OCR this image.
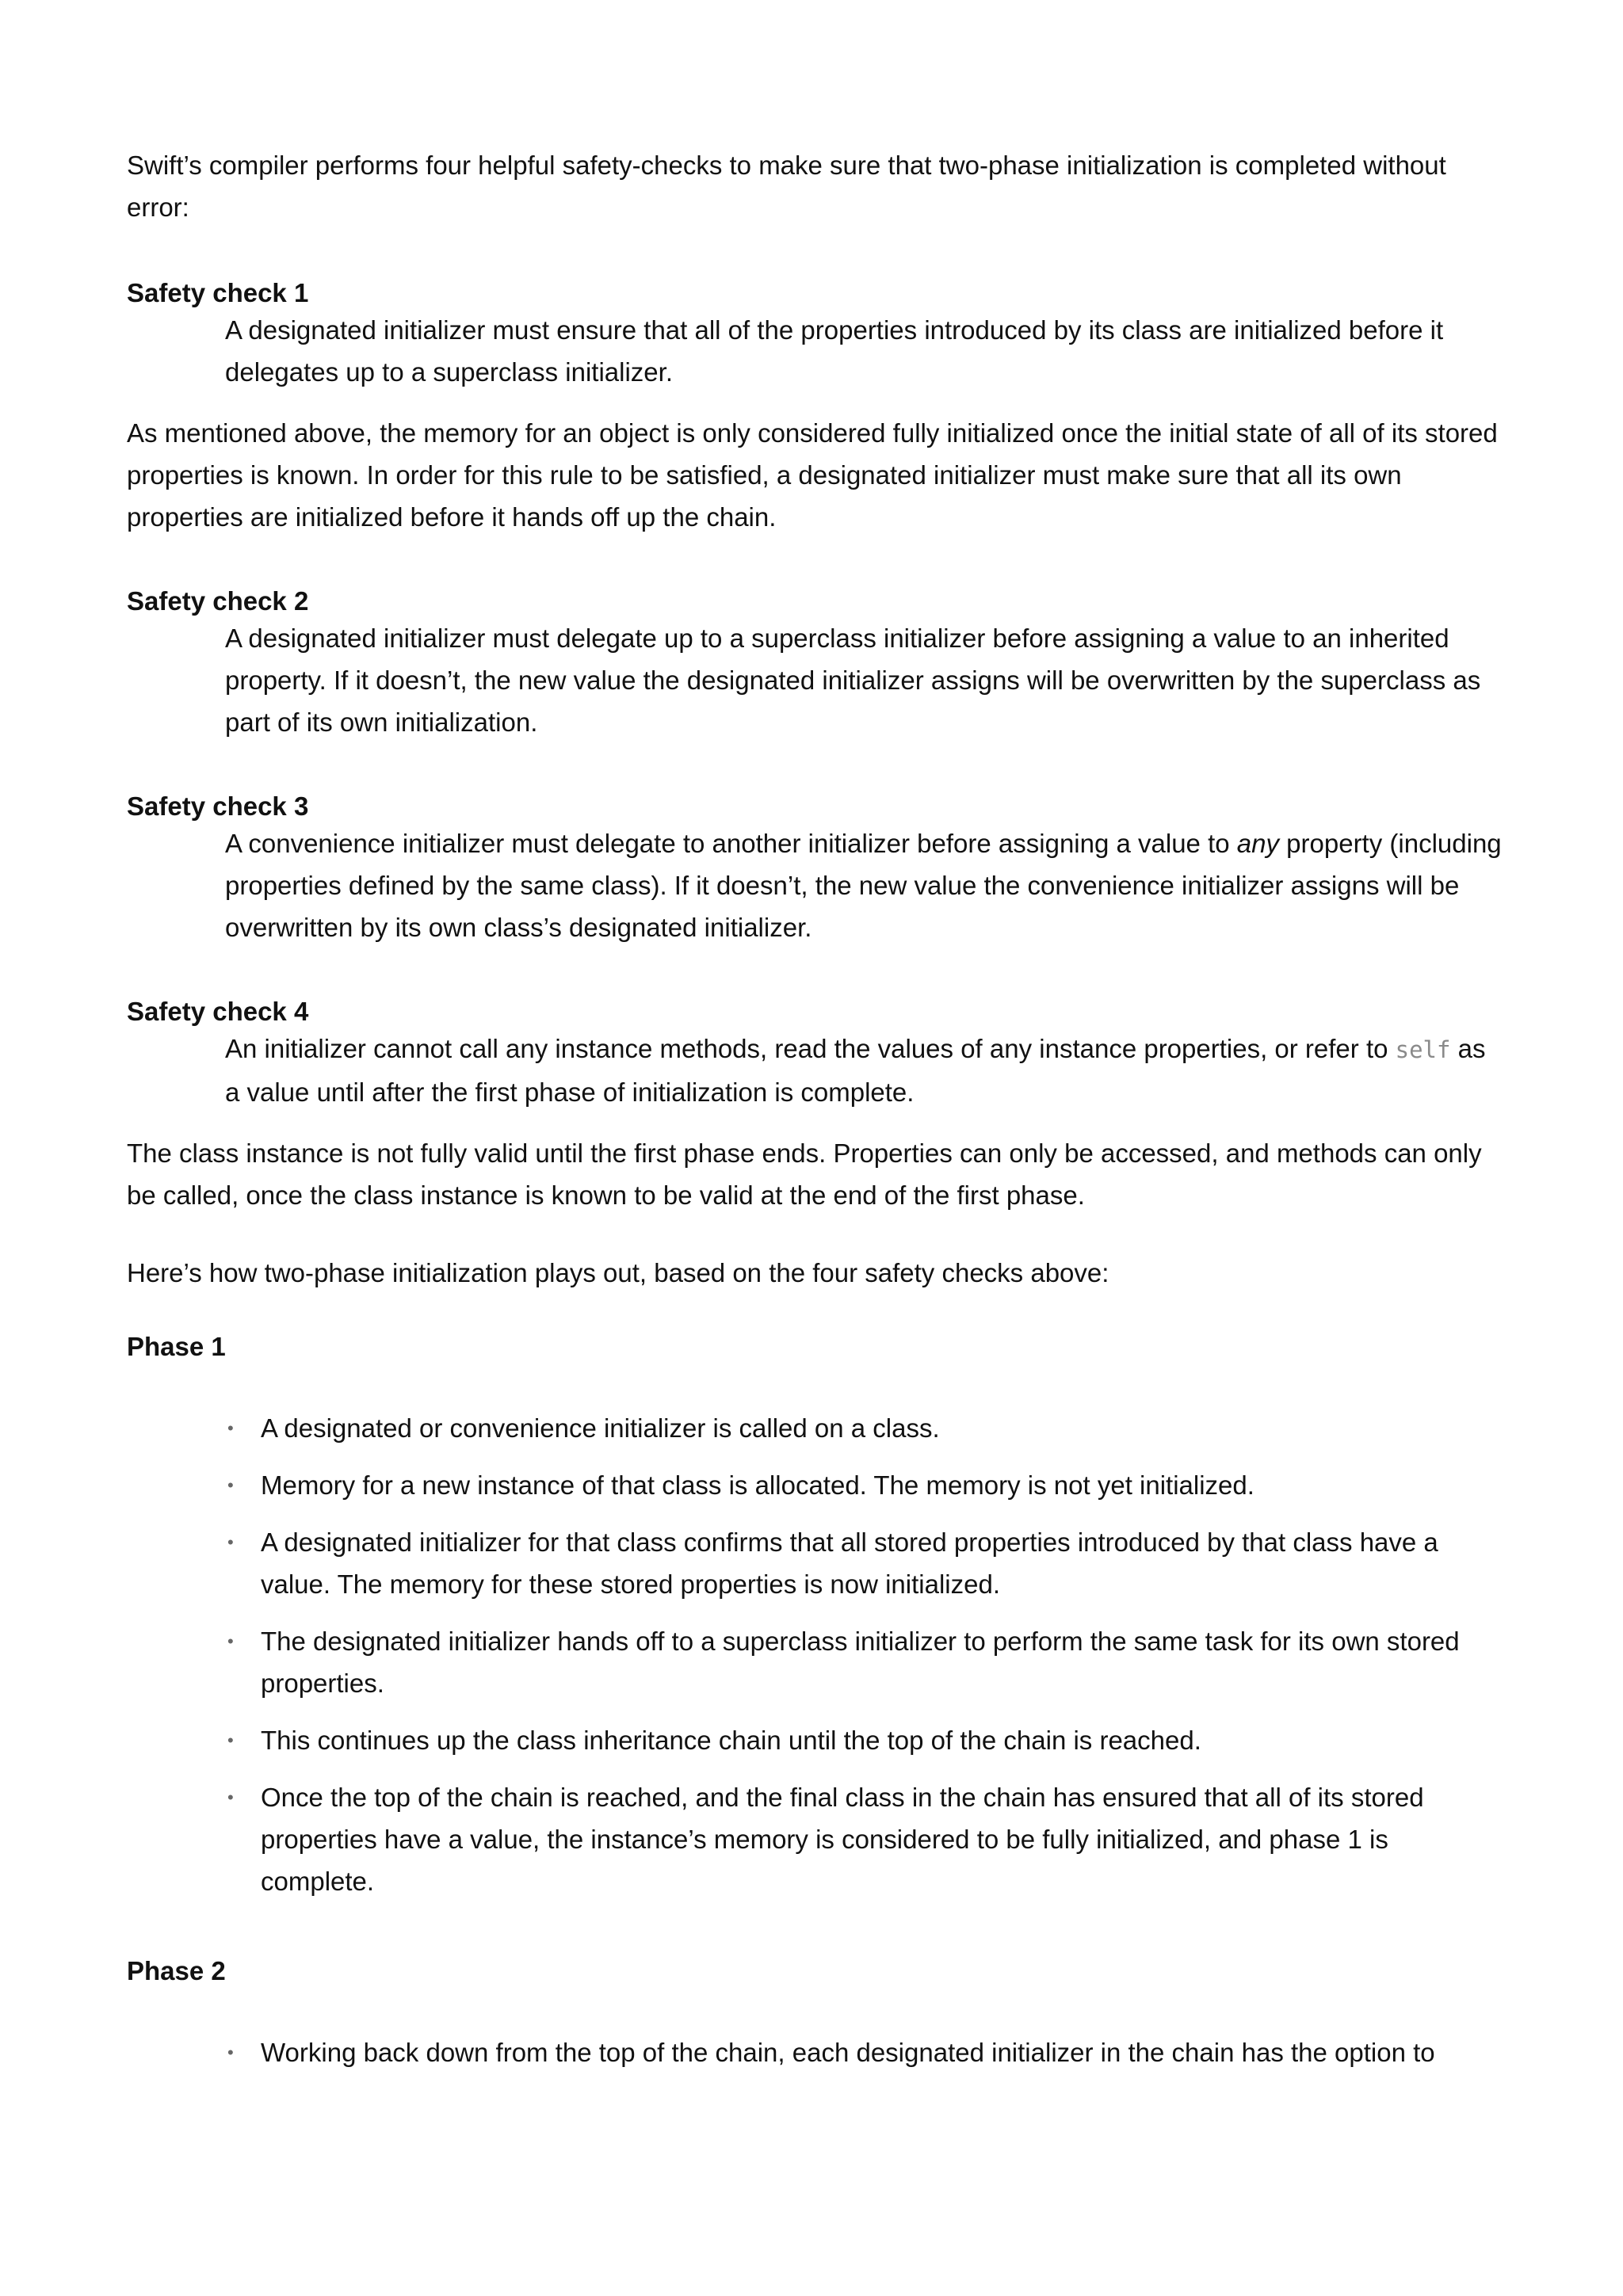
Swift’s compiler performs four helpful safety-checks to make sure that two-phase initialization is completed without error:

Safety check 1

A designated initializer must ensure that all of the properties introduced by its class are initialized before it delegates up to a superclass initializer.

As mentioned above, the memory for an object is only considered fully initialized once the initial state of all of its stored properties is known. In order for this rule to be satisfied, a designated initializer must make sure that all its own properties are initialized before it hands off up the chain.

Safety check 2

A designated initializer must delegate up to a superclass initializer before assigning a value to an inherited property. If it doesn’t, the new value the designated initializer assigns will be overwritten by the superclass as part of its own initialization.

Safety check 3

A convenience initializer must delegate to another initializer before assigning a value to any property (including properties defined by the same class). If it doesn’t, the new value the convenience initializer assigns will be overwritten by its own class’s designated initializer.

Safety check 4

An initializer cannot call any instance methods, read the values of any instance properties, or refer to self as a value until after the first phase of initialization is complete.

The class instance is not fully valid until the first phase ends. Properties can only be accessed, and methods can only be called, once the class instance is known to be valid at the end of the first phase.

Here’s how two-phase initialization plays out, based on the four safety checks above:

Phase 1

• A designated or convenience initializer is called on a class.
• Memory for a new instance of that class is allocated. The memory is not yet initialized.
• A designated initializer for that class confirms that all stored properties introduced by that class have a value. The memory for these stored properties is now initialized.
• The designated initializer hands off to a superclass initializer to perform the same task for its own stored properties.
• This continues up the class inheritance chain until the top of the chain is reached.
• Once the top of the chain is reached, and the final class in the chain has ensured that all of its stored properties have a value, the instance’s memory is considered to be fully initialized, and phase 1 is complete.

Phase 2

• Working back down from the top of the chain, each designated initializer in the chain has the option to
